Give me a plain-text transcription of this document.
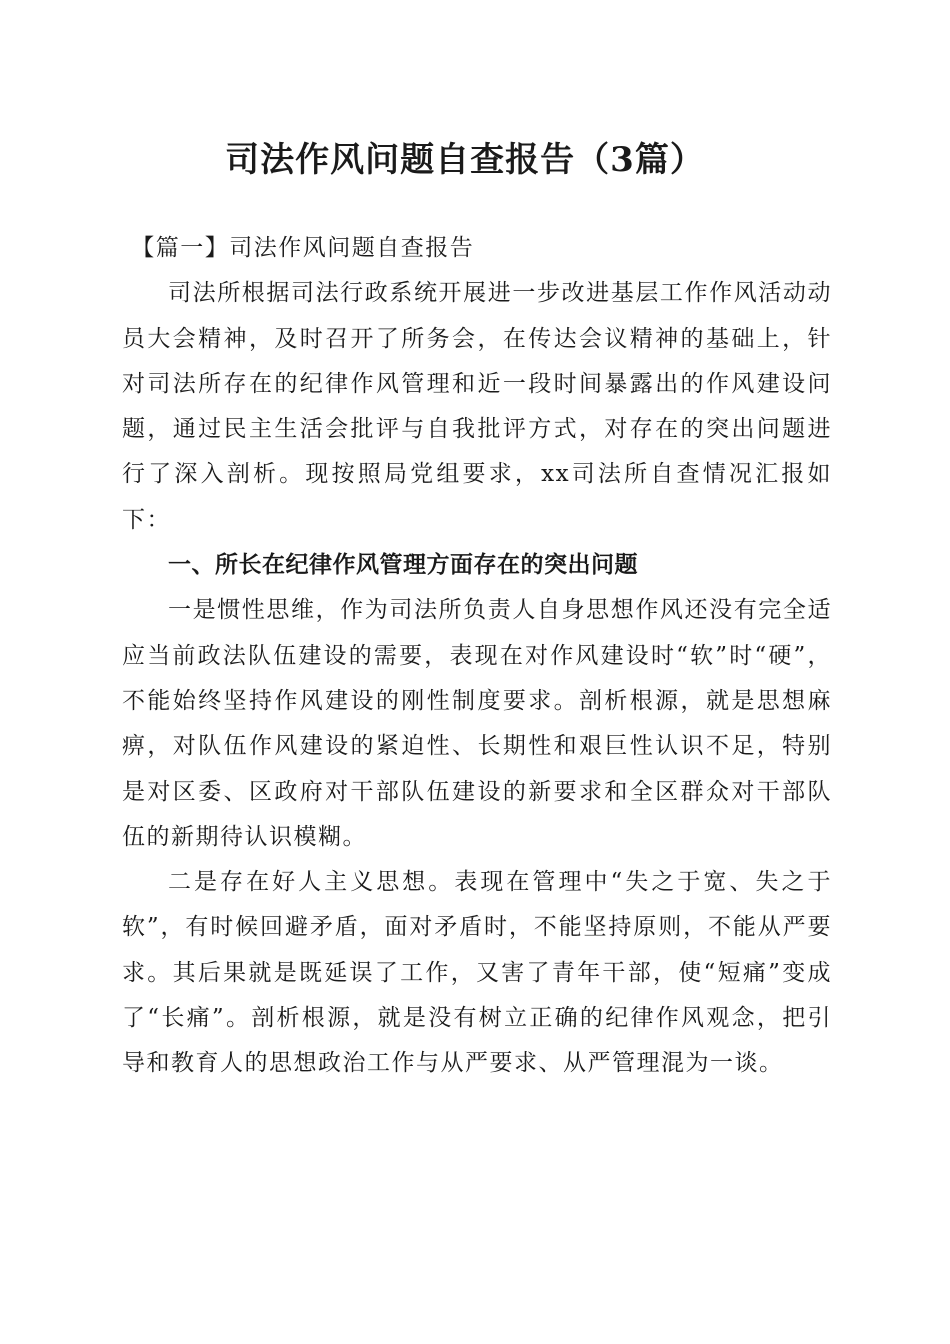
司法作风问题自查报告（3篇）

【篇一】司法作风问题自查报告

司法所根据司法行政系统开展进一步改进基层工作作风活动动员大会精神，及时召开了所务会，在传达会议精神的基础上，针对司法所存在的纪律作风管理和近一段时间暴露出的作风建设问题，通过民主生活会批评与自我批评方式，对存在的突出问题进行了深入剖析。现按照局党组要求，xx司法所自查情况汇报如下：

一、所长在纪律作风管理方面存在的突出问题

一是惯性思维，作为司法所负责人自身思想作风还没有完全适应当前政法队伍建设的需要，表现在对作风建设时“软”时“硬”，不能始终坚持作风建设的刚性制度要求。剖析根源，就是思想麻痹，对队伍作风建设的紧迫性、长期性和艰巨性认识不足，特别是对区委、区政府对干部队伍建设的新要求和全区群众对干部队伍的新期待认识模糊。

二是存在好人主义思想。表现在管理中“失之于宽、失之于软”，有时候回避矛盾，面对矛盾时，不能坚持原则，不能从严要求。其后果就是既延误了工作，又害了青年干部，使“短痛”变成了“长痛”。剖析根源，就是没有树立正确的纪律作风观念，把引导和教育人的思想政治工作与从严要求、从严管理混为一谈。
